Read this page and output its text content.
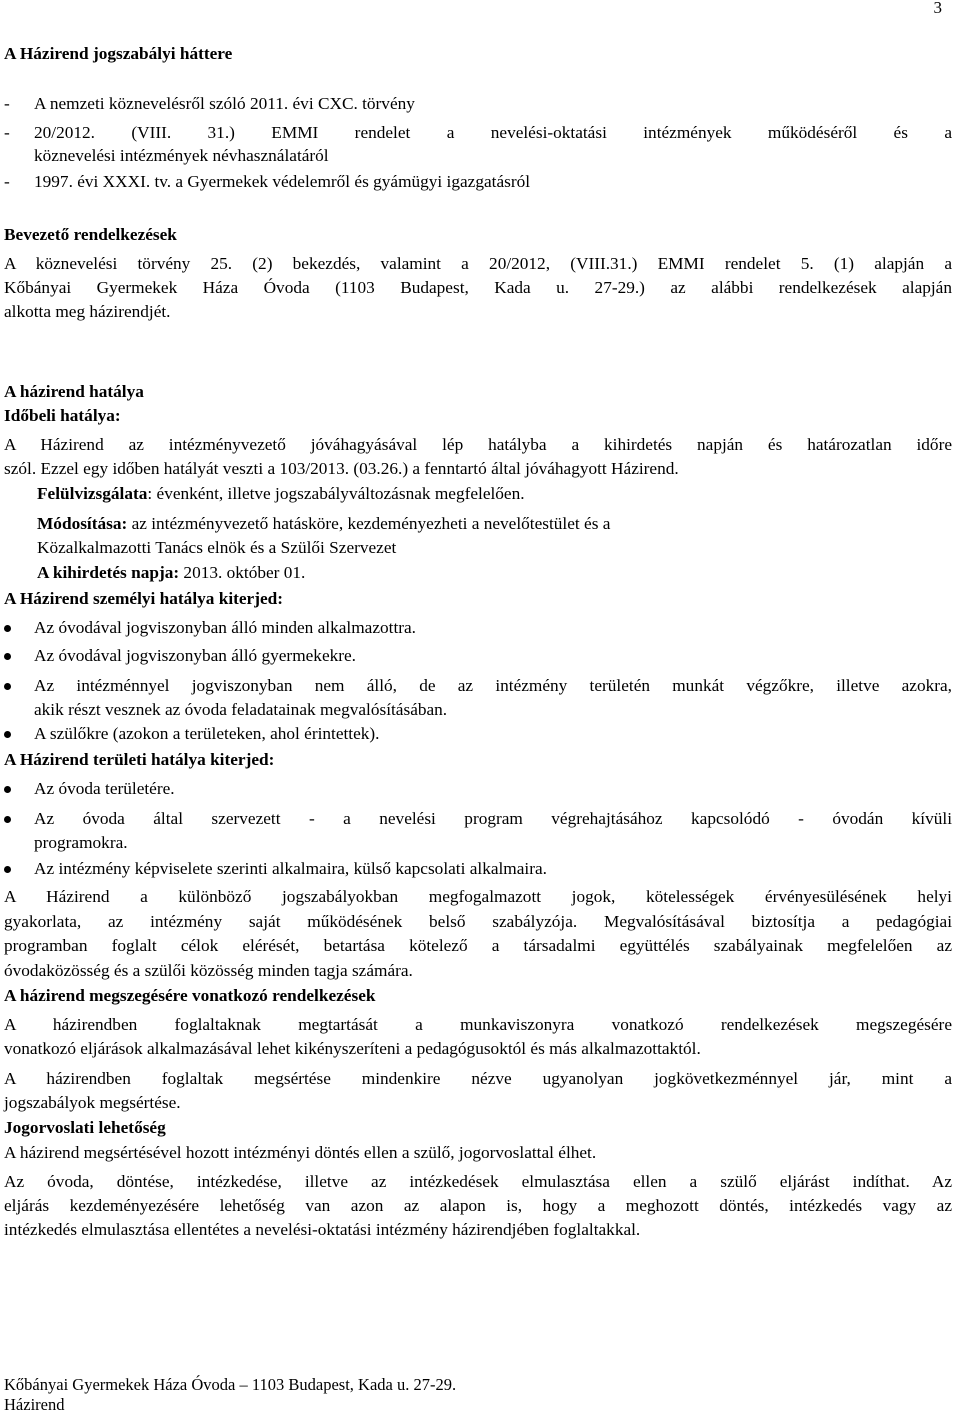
3
A Házirend jogszabályi háttere
- A nemzeti köznevelésről szóló 2011. évi CXC. törvény
- 20/2012. (VIII. 31.) EMMI rendelet a nevelési-oktatási intézmények működéséről és a
köznevelési intézmények névhasználatáról
- 1997. évi XXXI. tv. a Gyermekek védelemről és gyámügyi igazgatásról
Bevezető rendelkezések
A köznevelési törvény 25. (2) bekezdés, valamint a 20/2012, (VIII.31.) EMMI rendelet 5. (1) alapján a
Kőbányai Gyermekek Háza Óvoda (1103 Budapest, Kada u. 27-29.) az alábbi rendelkezések alapján
alkotta meg házirendjét.
A házirend hatálya
Időbeli hatálya:
A Házirend az intézményvezető jóváhagyásával lép hatályba a kihirdetés napján és határozatlan időre
szól. Ezzel egy időben hatályát veszti a 103/2013. (03.26.) a fenntartó által jóváhagyott Házirend.
Felülvizsgálata: évenként, illetve jogszabályváltozásnak megfelelően.
Módosítása: az intézményvezető hatásköre, kezdeményezheti a nevelőtestület és a
Közalkalmazotti Tanács elnök és a Szülői Szervezet
A kihirdetés napja: 2013. október 01.
A Házirend személyi hatálya kiterjed:
Az óvodával jogviszonyban álló minden alkalmazottra.
Az óvodával jogviszonyban álló gyermekekre.
Az intézménnyel jogviszonyban nem álló, de az intézmény területén munkát végzőkre, illetve azokra,
akik részt vesznek az óvoda feladatainak megvalósításában.
A szülőkre (azokon a területeken, ahol érintettek).
A Házirend területi hatálya kiterjed:
Az óvoda területére.
Az óvoda által szervezett - a nevelési program végrehajtásához kapcsolódó - óvodán kívüli
programokra.
Az intézmény képviselete szerinti alkalmaira, külső kapcsolati alkalmaira.
A Házirend a különböző jogszabályokban megfogalmazott jogok, kötelességek érvényesülésének helyi
gyakorlata, az intézmény saját működésének belső szabályzója. Megvalósításával biztosítja a pedagógiai
programban foglalt célok elérését, betartása kötelező a társadalmi együttélés szabályainak megfelelően az
óvodaközösség és a szülői közösség minden tagja számára.
A házirend megszegésére vonatkozó rendelkezések
A házirendben foglaltaknak megtartását a munkaviszonyra vonatkozó rendelkezések megszegésére
vonatkozó eljárások alkalmazásával lehet kikényszeríteni a pedagógusoktól és más alkalmazottaktól.
A házirendben foglaltak megsértése mindenkire nézve ugyanolyan jogkövetkezménnyel jár, mint a
jogszabályok megsértése.
Jogorvoslati lehetőség
A házirend megsértésével hozott intézményi döntés ellen a szülő, jogorvoslattal élhet.
Az óvoda, döntése, intézkedése, illetve az intézkedések elmulasztása ellen a szülő eljárást indíthat. Az
eljárás kezdeményezésére lehetőség van azon az alapon is, hogy a meghozott döntés, intézkedés vagy az
intézkedés elmulasztása ellentétes a nevelési-oktatási intézmény házirendjében foglaltakkal.
Kőbányai Gyermekek Háza Óvoda – 1103 Budapest, Kada u. 27-29.
Házirend
